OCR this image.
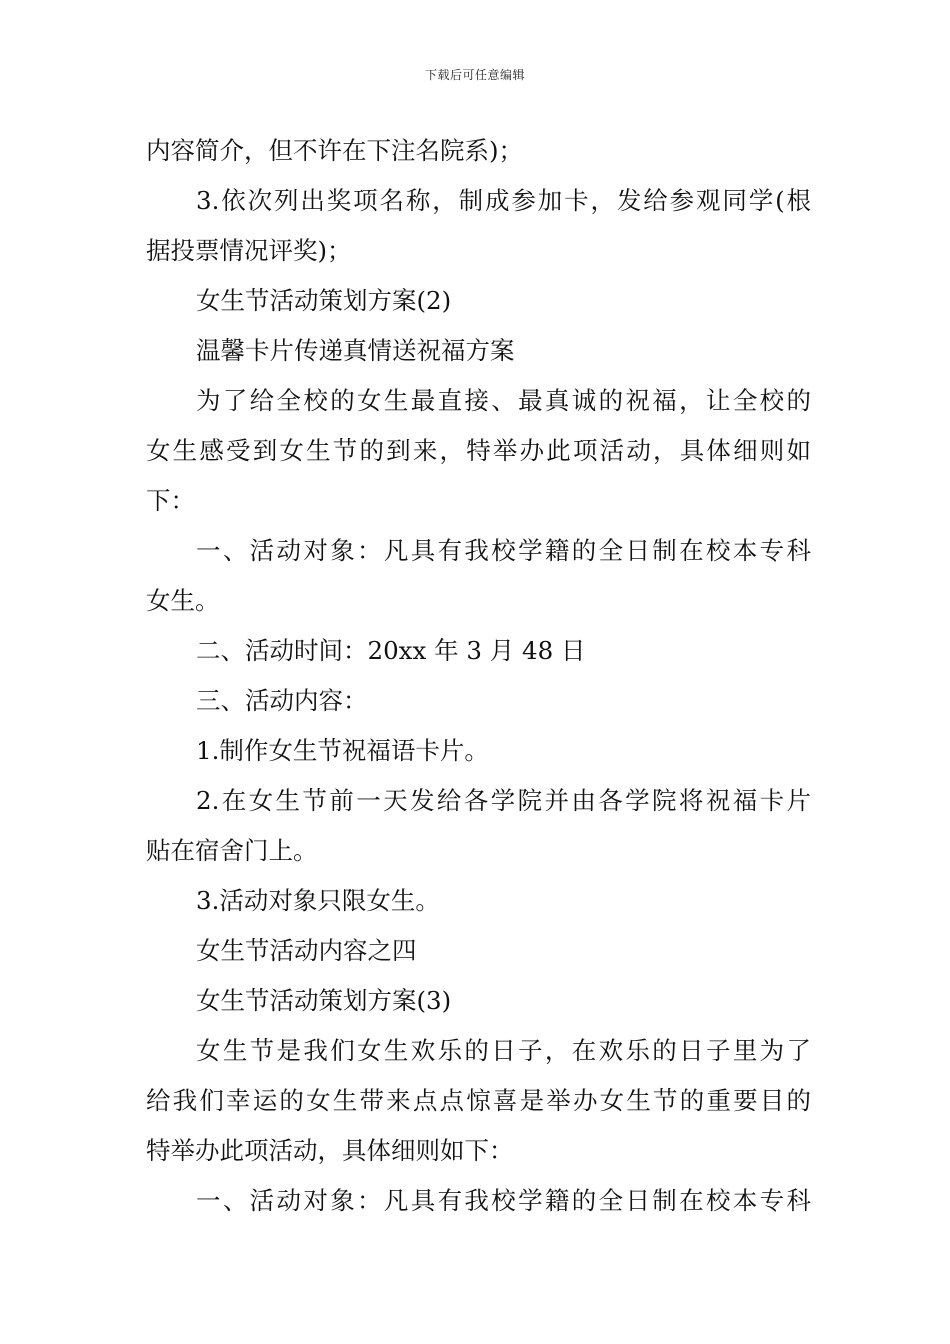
下载后可任意编辑
内容简介，但不许在下注名院系)；
3.依次列出奖项名称，制成参加卡，发给参观同学(根
据投票情况评奖)；
女生节活动策划方案(2)
温馨卡片传递真情送祝福方案
为了给全校的女生最直接、最真诚的祝福，让全校的
女生感受到女生节的到来，特举办此项活动，具体细则如
下：
一、活动对象：凡具有我校学籍的全日制在校本专科
女生。
二、活动时间：20xx 年 3 月 48 日
三、活动内容：
1.制作女生节祝福语卡片。
2.在女生节前一天发给各学院并由各学院将祝福卡片
贴在宿舍门上。
3.活动对象只限女生。
女生节活动内容之四
女生节活动策划方案(3)
女生节是我们女生欢乐的日子，在欢乐的日子里为了
给我们幸运的女生带来点点惊喜是举办女生节的重要目的
特举办此项活动，具体细则如下：
一、活动对象：凡具有我校学籍的全日制在校本专科
